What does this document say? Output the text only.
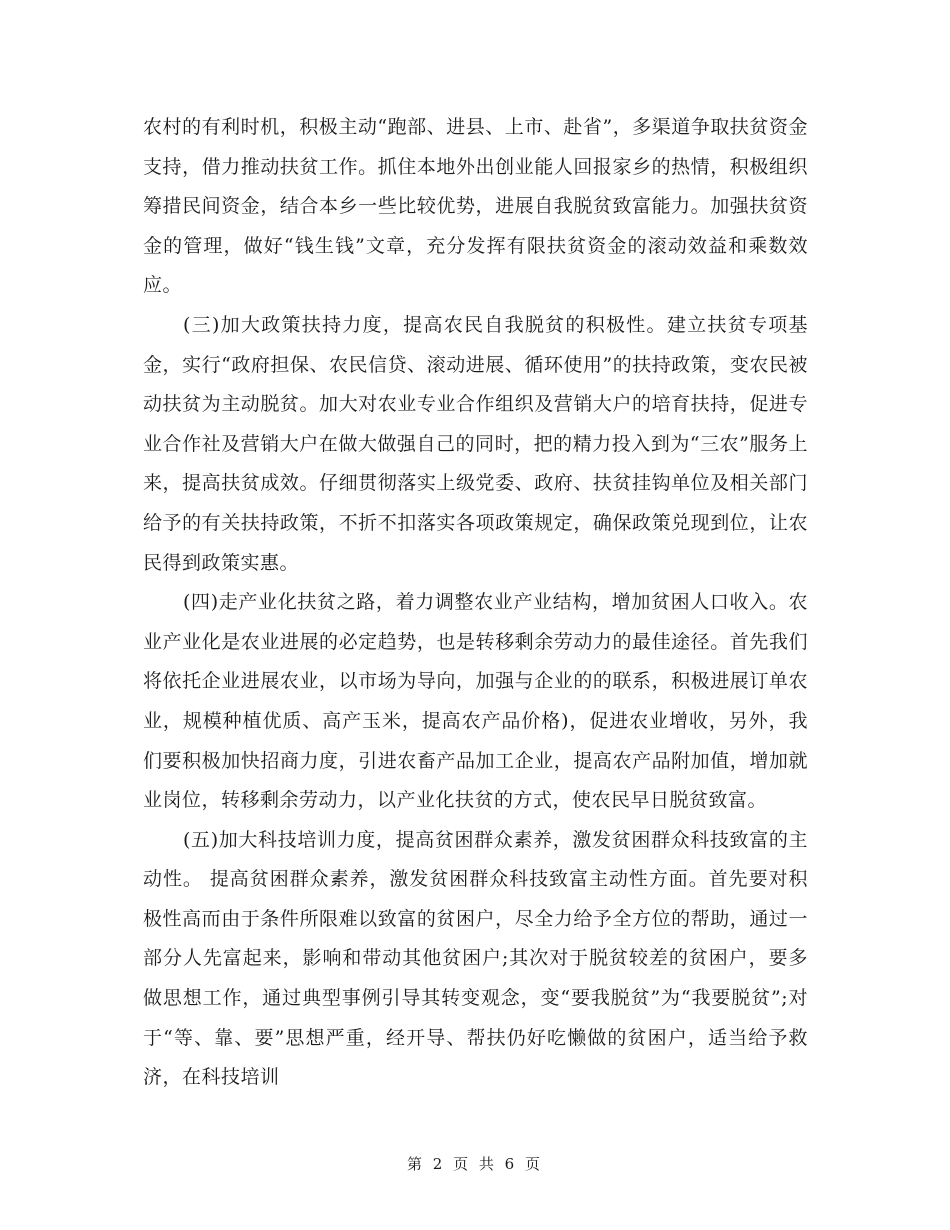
农村的有利时机，积极主动“跑部、进县、上市、赴省”，多渠道争取扶贫资金支持，借力推动扶贫工作。抓住本地外出创业能人回报家乡的热情，积极组织筹措民间资金，结合本乡一些比较优势，进展自我脱贫致富能力。加强扶贫资金的管理，做好“钱生钱”文章，充分发挥有限扶贫资金的滚动效益和乘数效应。

(三)加大政策扶持力度，提高农民自我脱贫的积极性。建立扶贫专项基金，实行“政府担保、农民信贷、滚动进展、循环使用”的扶持政策，变农民被动扶贫为主动脱贫。加大对农业专业合作组织及营销大户的培育扶持，促进专业合作社及营销大户在做大做强自己的同时，把的精力投入到为“三农”服务上来，提高扶贫成效。仔细贯彻落实上级党委、政府、扶贫挂钩单位及相关部门给予的有关扶持政策，不折不扣落实各项政策规定，确保政策兑现到位，让农民得到政策实惠。

(四)走产业化扶贫之路，着力调整农业产业结构，增加贫困人口收入。农业产业化是农业进展的必定趋势，也是转移剩余劳动力的最佳途径。首先我们将依托企业进展农业，以市场为导向，加强与企业的的联系，积极进展订单农业，规模种植优质、高产玉米，提高农产品价格)，促进农业增收，另外，我们要积极加快招商力度，引进农畜产品加工企业，提高农产品附加值，增加就业岗位，转移剩余劳动力，以产业化扶贫的方式，使农民早日脱贫致富。

(五)加大科技培训力度，提高贫困群众素养，激发贫困群众科技致富的主动性。 提高贫困群众素养，激发贫困群众科技致富主动性方面。首先要对积极性高而由于条件所限难以致富的贫困户，尽全力给予全方位的帮助，通过一部分人先富起来，影响和带动其他贫困户;其次对于脱贫较差的贫困户，要多做思想工作，通过典型事例引导其转变观念，变“要我脱贫”为“我要脱贫”;对于“等、靠、要”思想严重，经开导、帮扶仍好吃懒做的贫困户，适当给予救济，在科技培训

第 2 页 共 6 页
